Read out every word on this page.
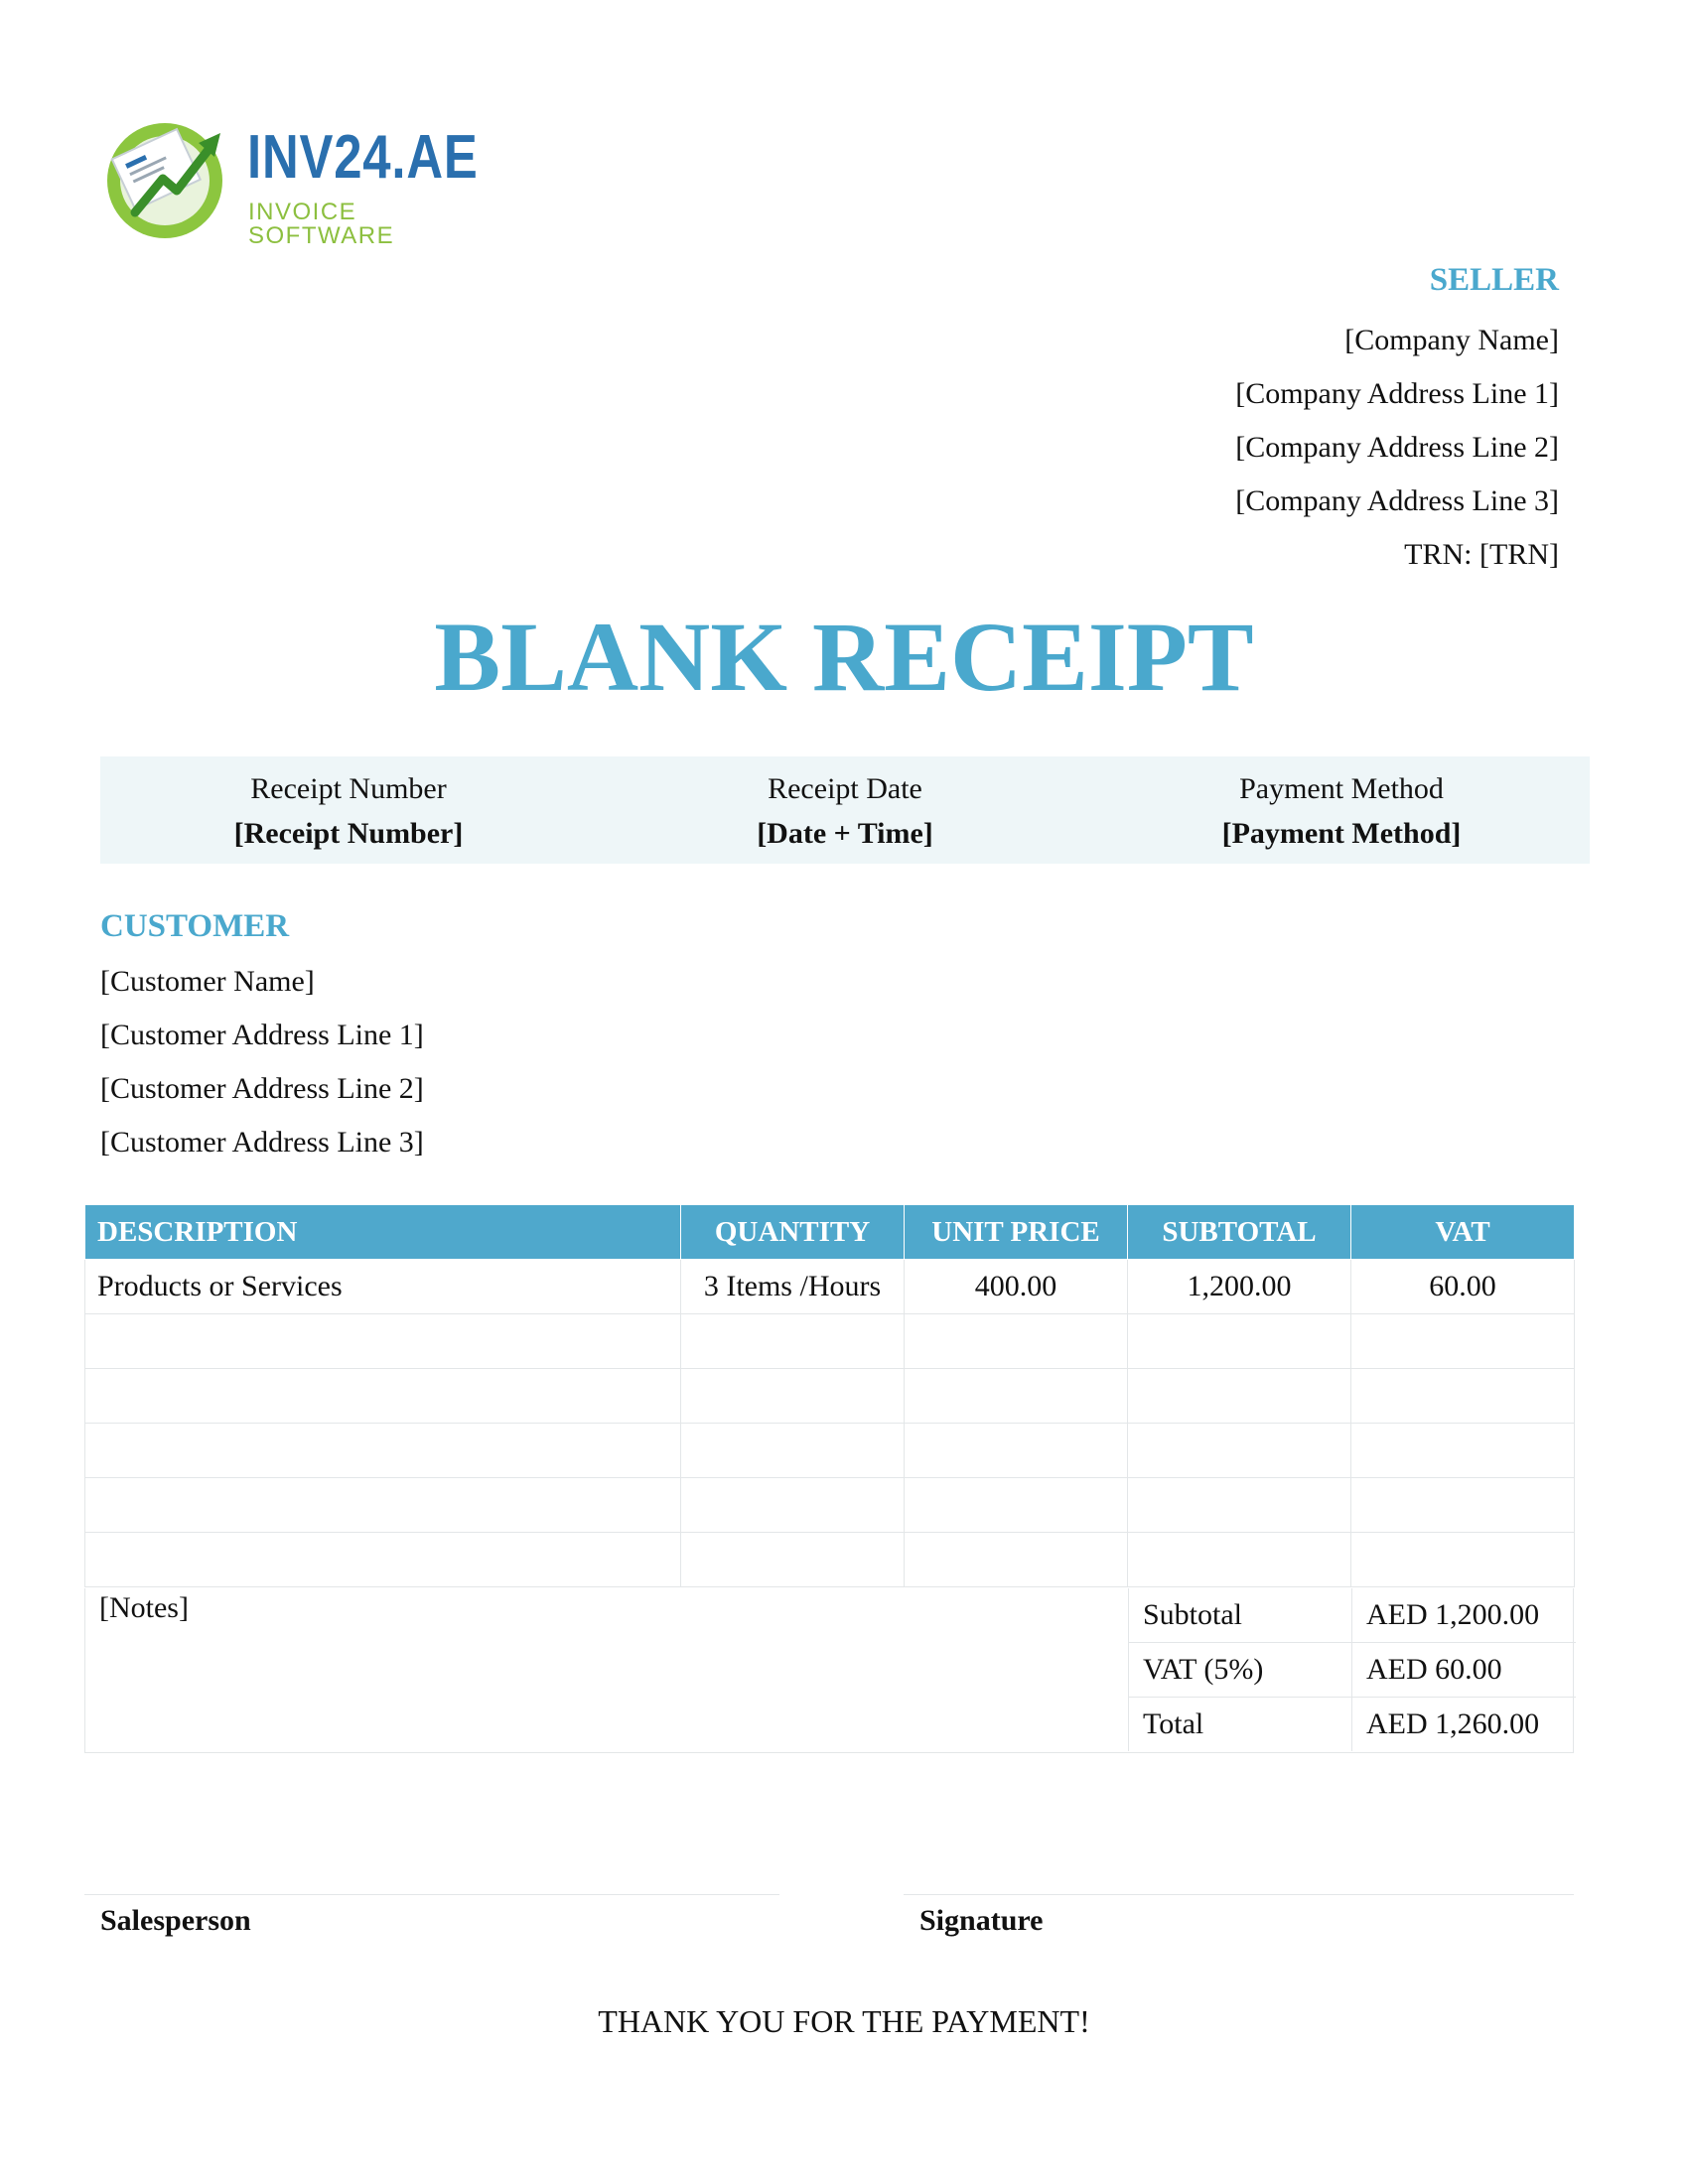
INV24.AE
INVOICE SOFTWARE
SELLER
[Company Name]
[Company Address Line 1]
[Company Address Line 2]
[Company Address Line 3]
TRN: [TRN]
BLANK RECEIPT
Receipt Number
[Receipt Number]
Receipt Date
[Date + Time]
Payment Method
[Payment Method]
CUSTOMER
[Customer Name]
[Customer Address Line 1]
[Customer Address Line 2]
[Customer Address Line 3]
DESCRIPTION	QUANTITY	UNIT PRICE	SUBTOTAL	VAT
Products or Services	3 Items /Hours	400.00	1,200.00	60.00

[Notes]	Subtotal	AED 1,200.00
VAT (5%)	AED 60.00
Total	AED 1,260.00
Salesperson	Signature
THANK YOU FOR THE PAYMENT!
